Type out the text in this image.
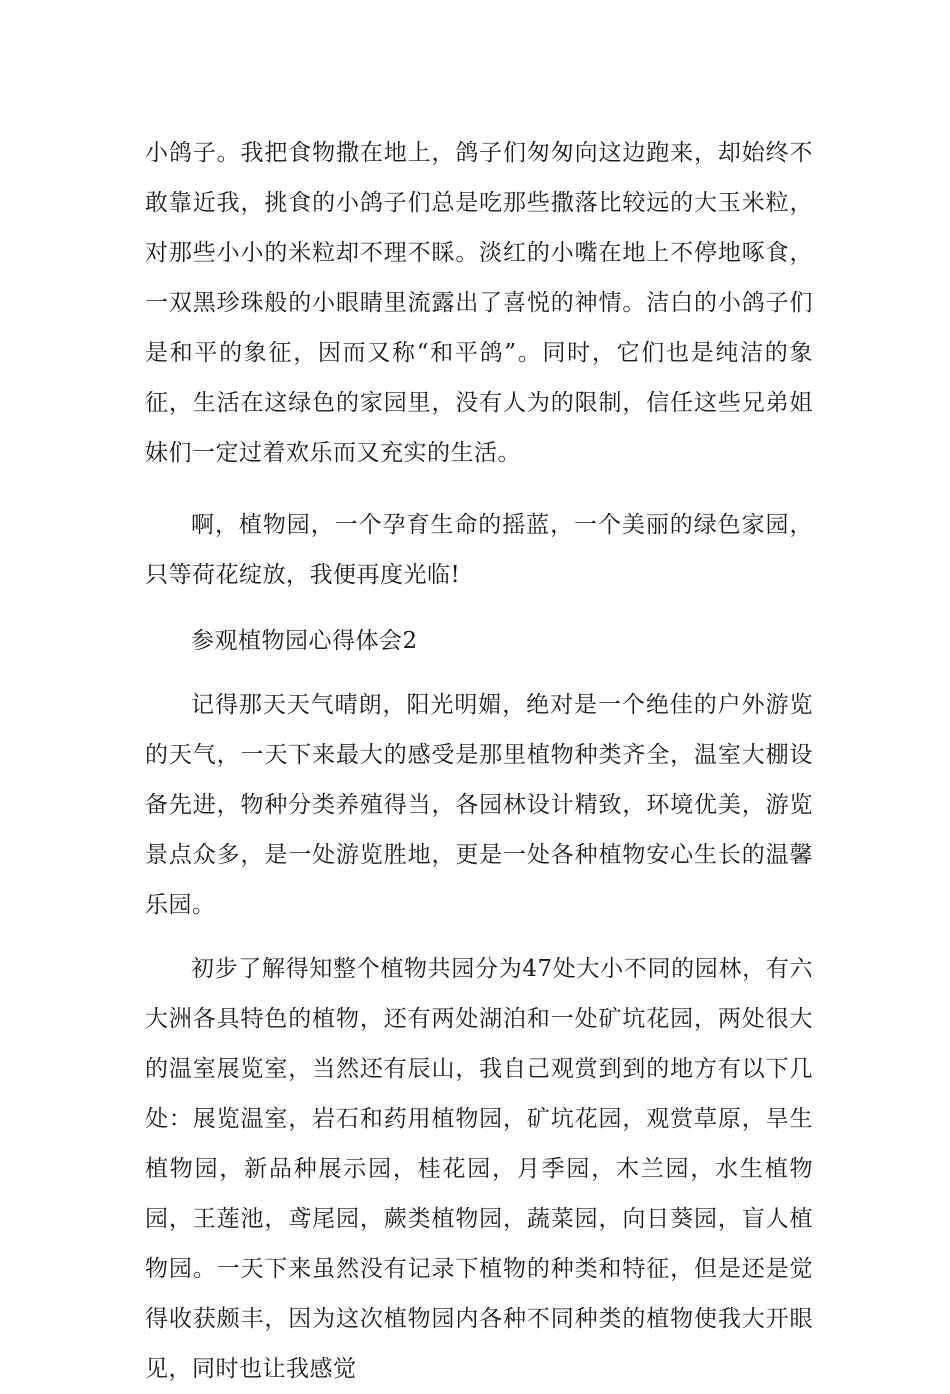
小鸽子。我把食物撒在地上，鸽子们匆匆向这边跑来，却始终不敢靠近我，挑食的小鸽子们总是吃那些撒落比较远的大玉米粒，对那些小小的米粒却不理不睬。淡红的小嘴在地上不停地啄食，一双黑珍珠般的小眼睛里流露出了喜悦的神情。洁白的小鸽子们是和平的象征，因而又称“和平鸽”。同时，它们也是纯洁的象征，生活在这绿色的家园里，没有人为的限制，信任这些兄弟姐妹们一定过着欢乐而又充实的生活。

啊，植物园，一个孕育生命的摇蓝，一个美丽的绿色家园，只等荷花绽放，我便再度光临!

参观植物园心得体会2

记得那天天气晴朗，阳光明媚，绝对是一个绝佳的户外游览的天气，一天下来最大的感受是那里植物种类齐全，温室大棚设备先进，物种分类养殖得当，各园林设计精致，环境优美，游览景点众多，是一处游览胜地，更是一处各种植物安心生长的温馨乐园。

初步了解得知整个植物共园分为47处大小不同的园林，有六大洲各具特色的植物，还有两处湖泊和一处矿坑花园，两处很大的温室展览室，当然还有辰山，我自己观赏到到的地方有以下几处：展览温室，岩石和药用植物园，矿坑花园，观赏草原，旱生植物园，新品种展示园，桂花园，月季园，木兰园，水生植物园，王莲池，鸢尾园，蕨类植物园，蔬菜园，向日葵园，盲人植物园。一天下来虽然没有记录下植物的种类和特征，但是还是觉得收获颇丰，因为这次植物园内各种不同种类的植物使我大开眼见，同时也让我感觉
